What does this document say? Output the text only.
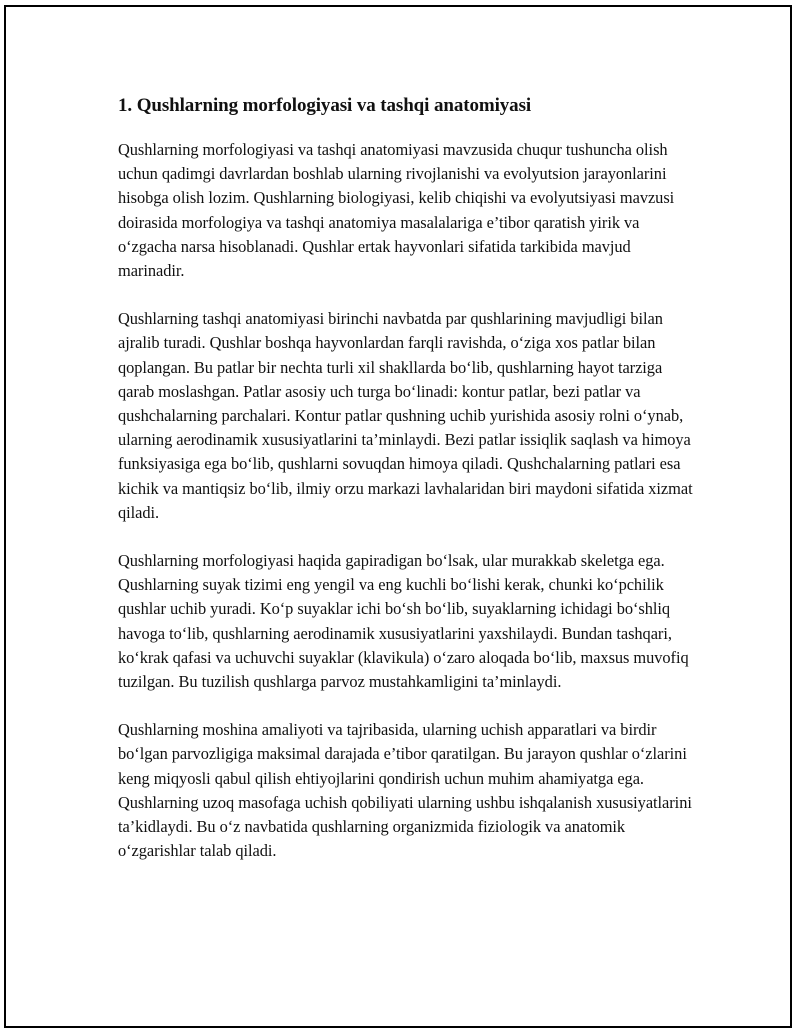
1. Qushlarning morfologiyasi va tashqi anatomiyasi

Qushlarning morfologiyasi va tashqi anatomiyasi mavzusida chuqur tushuncha olish uchun qadimgi davrlardan boshlab ularning rivojlanishi va evolyutsion jarayonlarini hisobga olish lozim. Qushlarning biologiyasi, kelib chiqishi va evolyutsiyasi mavzusi doirasida morfologiya va tashqi anatomiya masalalariga e’tibor qaratish yirik va o‘zgacha narsa hisoblanadi. Qushlar ertak hayvonlari sifatida tarkibida mavjud marinadir.

Qushlarning tashqi anatomiyasi birinchi navbatda par qushlarining mavjudligi bilan ajralib turadi. Qushlar boshqa hayvonlardan farqli ravishda, o‘ziga xos patlar bilan qoplangan. Bu patlar bir nechta turli xil shakllarda bo‘lib, qushlarning hayot tarziga qarab moslashgan. Patlar asosiy uch turga bo‘linadi: kontur patlar, bezi patlar va qushchalarning parchalari. Kontur patlar qushning uchib yurishida asosiy rolni o‘ynab, ularning aerodinamik xususiyatlarini ta’minlaydi. Bezi patlar issiqlik saqlash va himoya funksiyasiga ega bo‘lib, qushlarni sovuqdan himoya qiladi. Qushchalarning patlari esa kichik va mantiqsiz bo‘lib, ilmiy orzu markazi lavhalaridan biri maydoni sifatida xizmat qiladi.

Qushlarning morfologiyasi haqida gapiradigan bo‘lsak, ular murakkab skeletga ega. Qushlarning suyak tizimi eng yengil va eng kuchli bo‘lishi kerak, chunki ko‘pchilik qushlar uchib yuradi. Ko‘p suyaklar ichi bo‘sh bo‘lib, suyaklarning ichidagi bo‘shliq havoga to‘lib, qushlarning aerodinamik xususiyatlarini yaxshilaydi. Bundan tashqari, ko‘krak qafasi va uchuvchi suyaklar (klavikula) o‘zaro aloqada bo‘lib, maxsus muvofiq tuzilgan. Bu tuzilish qushlarga parvoz mustahkamligini ta’minlaydi.

Qushlarning moshina amaliyoti va tajribasida, ularning uchish apparatlari va birdir bo‘lgan parvozligiga maksimal darajada e’tibor qaratilgan. Bu jarayon qushlar o‘zlarini keng miqyosli qabul qilish ehtiyojlarini qondirish uchun muhim ahamiyatga ega. Qushlarning uzoq masofaga uchish qobiliyati ularning ushbu ishqalanish xususiyatlarini ta’kidlaydi. Bu o‘z navbatida qushlarning organizmida fiziologik va anatomik o‘zgarishlar talab qiladi.
